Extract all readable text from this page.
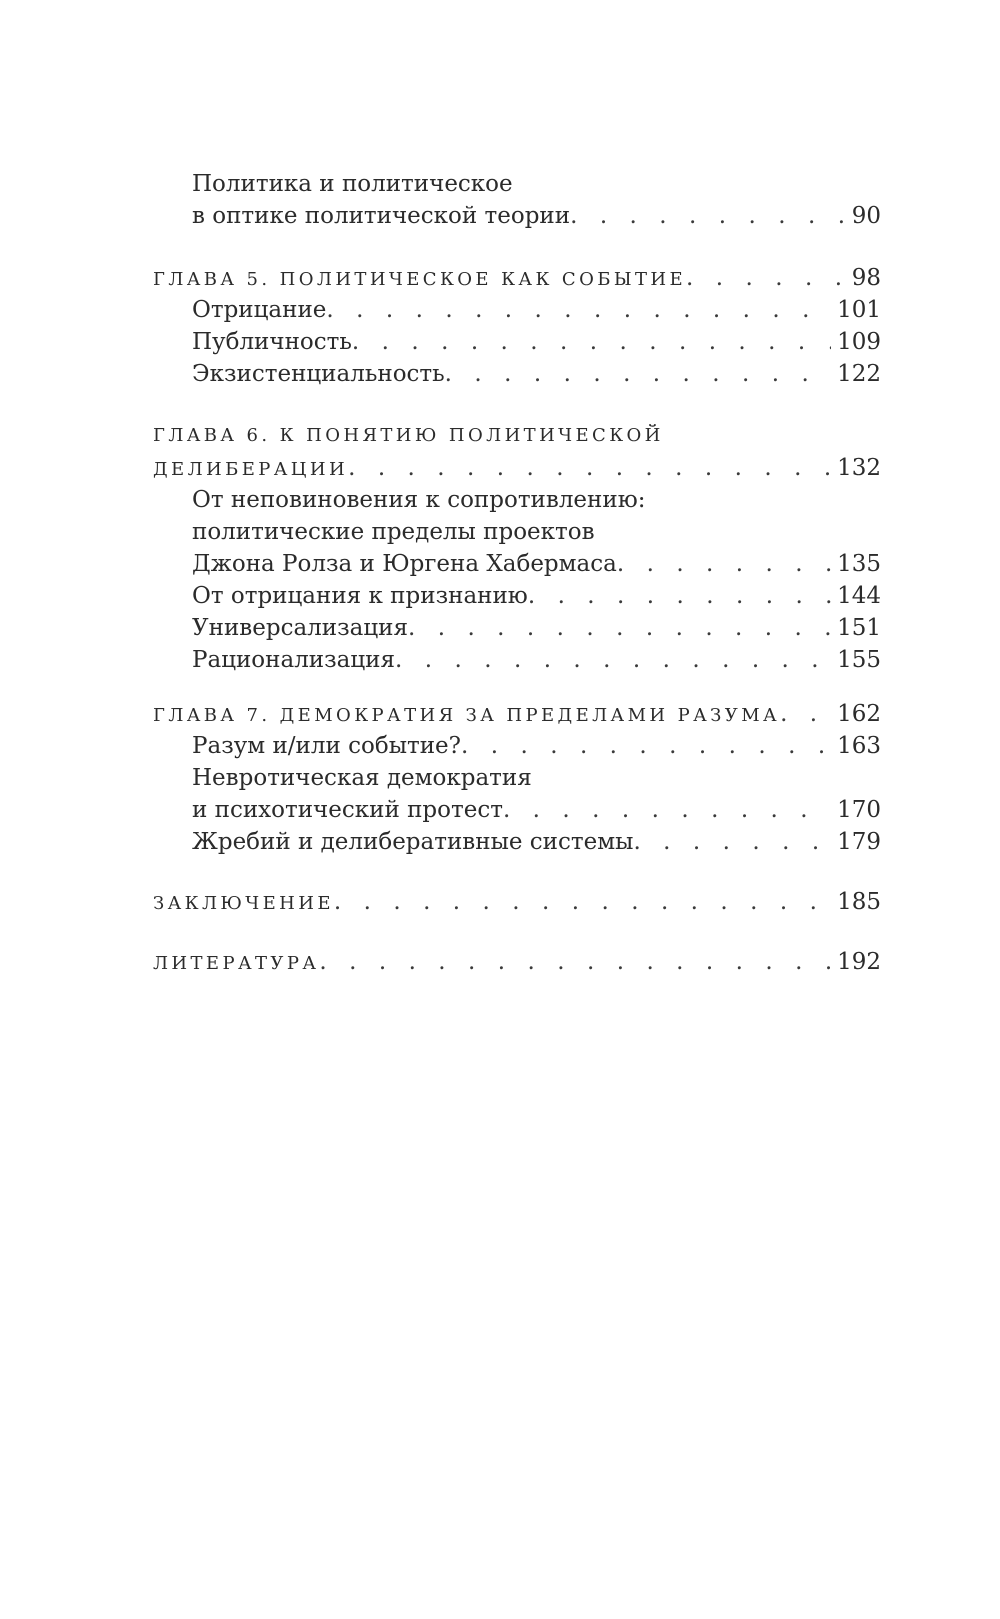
Политика и политическое
в оптике политической теории . .	90
ГЛАВА 5. ПОЛИТИЧЕСКОЕ КАК СОБЫТИЕ . .	98
Отрицание . .	101
Публичность . .	109
Экзистенциальность . .	122
ГЛАВА 6. К ПОНЯТИЮ ПОЛИТИЧЕСКОЙ
ДЕЛИБЕРАЦИИ . .	132
От неповиновения к сопротивлению:
политические пределы проектов
Джона Ролза и Юргена Хабермаса . .	135
От отрицания к признанию . .	144
Универсализация . .	151
Рационализация . .	155
ГЛАВА 7. ДЕМОКРАТИЯ ЗА ПРЕДЕЛАМИ РАЗУМА . . 162
Разум и/или событие? . .	163
Невротическая демократия
и психотический протест . .	170
Жребий и делиберативные системы . .	179
ЗАКЛЮЧЕНИЕ . .	185
ЛИТЕРАТУРА . .	192
